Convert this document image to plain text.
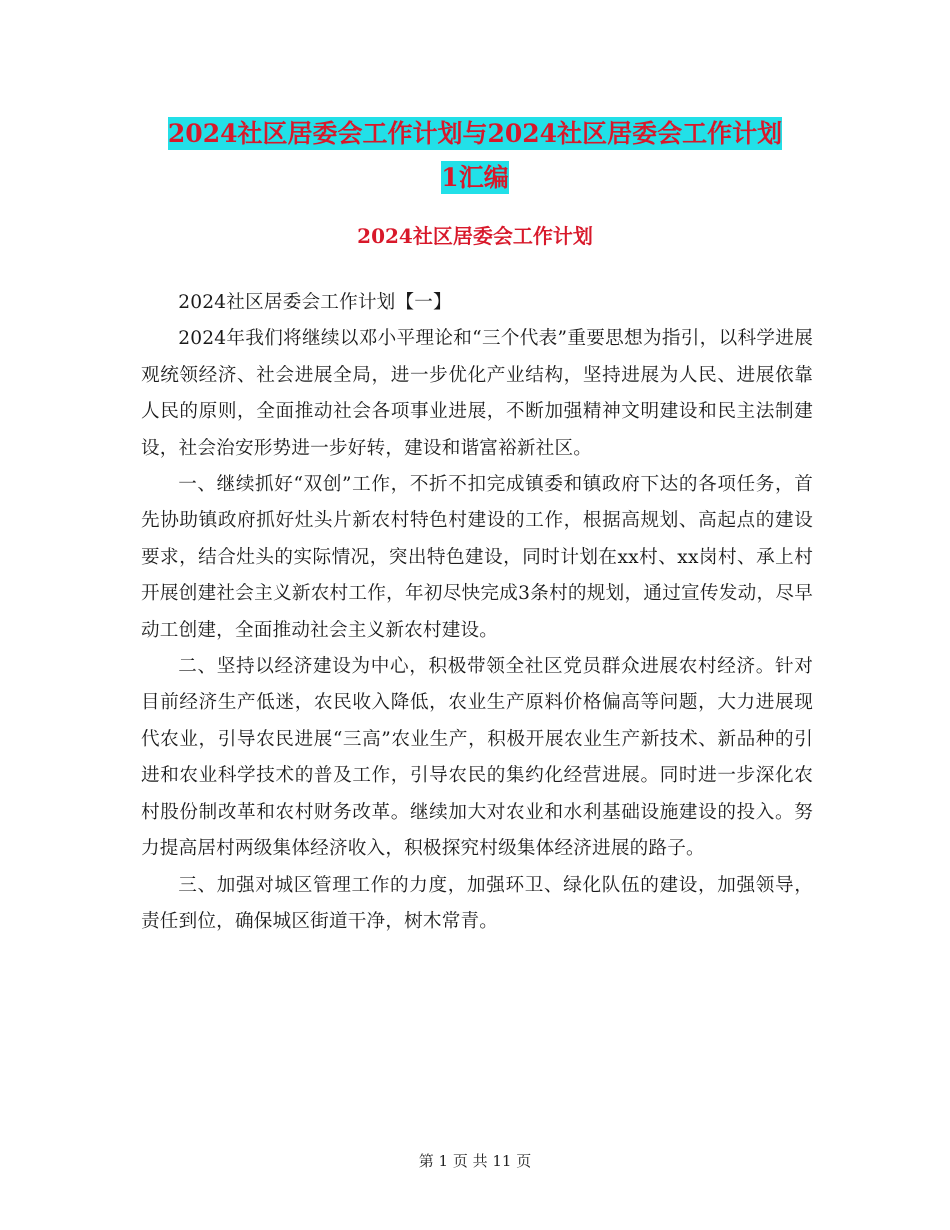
2024社区居委会工作计划与2024社区居委会工作计划
1汇编
2024社区居委会工作计划

2024社区居委会工作计划【一】

2024年我们将继续以邓小平理论和“三个代表”重要思想为指引，以科学进展观统领经济、社会进展全局，进一步优化产业结构，坚持进展为人民、进展依靠人民的原则，全面推动社会各项事业进展，不断加强精神文明建设和民主法制建设，社会治安形势进一步好转，建设和谐富裕新社区。

一、继续抓好“双创”工作，不折不扣完成镇委和镇政府下达的各项任务，首先协助镇政府抓好灶头片新农村特色村建设的工作，根据高规划、高起点的建设要求，结合灶头的实际情况，突出特色建设，同时计划在xx村、xx岗村、承上村开展创建社会主义新农村工作，年初尽快完成3条村的规划，通过宣传发动，尽早动工创建，全面推动社会主义新农村建设。

二、坚持以经济建设为中心，积极带领全社区党员群众进展农村经济。针对目前经济生产低迷，农民收入降低，农业生产原料价格偏高等问题，大力进展现代农业，引导农民进展“三高”农业生产，积极开展农业生产新技术、新品种的引进和农业科学技术的普及工作，引导农民的集约化经营进展。同时进一步深化农村股份制改革和农村财务改革。继续加大对农业和水利基础设施建设的投入。努力提高居村两级集体经济收入，积极探究村级集体经济进展的路子。

三、加强对城区管理工作的力度，加强环卫、绿化队伍的建设，加强领导，责任到位，确保城区街道干净，树木常青。

第 1 页 共 11 页
